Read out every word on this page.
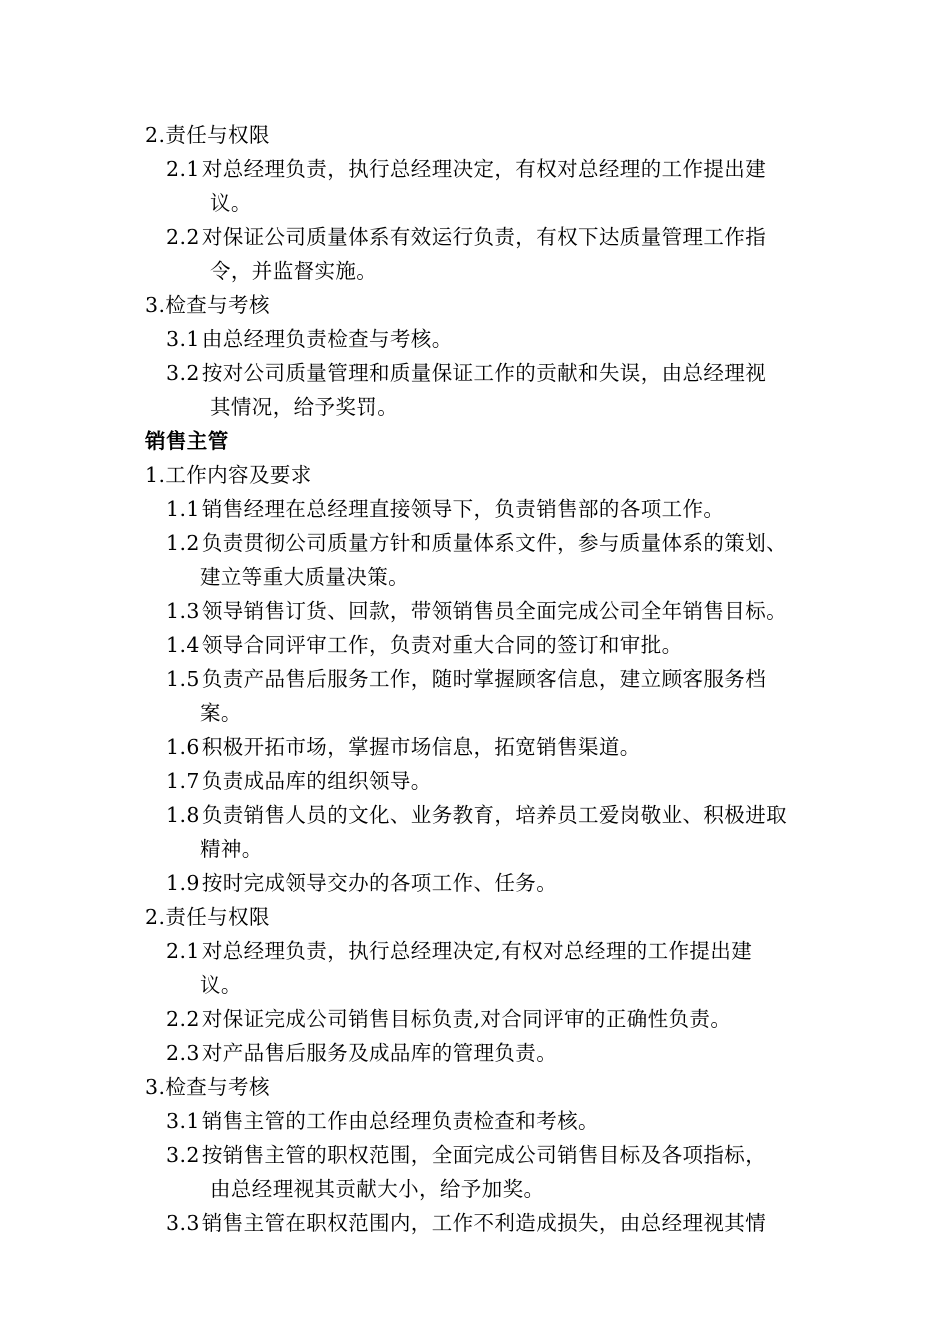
2.责任与权限
2.1对总经理负责，执行总经理决定，有权对总经理的工作提出建
议。
2.2对保证公司质量体系有效运行负责，有权下达质量管理工作指
令，并监督实施。
3.检查与考核
3.1由总经理负责检查与考核。
3.2按对公司质量管理和质量保证工作的贡献和失误，由总经理视
其情况，给予奖罚。
销售主管
1.工作内容及要求
1.1销售经理在总经理直接领导下，负责销售部的各项工作。
1.2负责贯彻公司质量方针和质量体系文件，参与质量体系的策划、
建立等重大质量决策。
1.3领导销售订货、回款，带领销售员全面完成公司全年销售目标。
1.4领导合同评审工作，负责对重大合同的签订和审批。
1.5负责产品售后服务工作，随时掌握顾客信息，建立顾客服务档
案。
1.6积极开拓市场，掌握市场信息，拓宽销售渠道。
1.7负责成品库的组织领导。
1.8负责销售人员的文化、业务教育，培养员工爱岗敬业、积极进取
精神。
1.9按时完成领导交办的各项工作、任务。
2.责任与权限
2.1对总经理负责，执行总经理决定,有权对总经理的工作提出建
议。
2.2对保证完成公司销售目标负责,对合同评审的正确性负责。
2.3对产品售后服务及成品库的管理负责。
3.检查与考核
3.1销售主管的工作由总经理负责检查和考核。
3.2按销售主管的职权范围，全面完成公司销售目标及各项指标，
由总经理视其贡献大小，给予加奖。
3.3销售主管在职权范围内，工作不利造成损失，由总经理视其情
